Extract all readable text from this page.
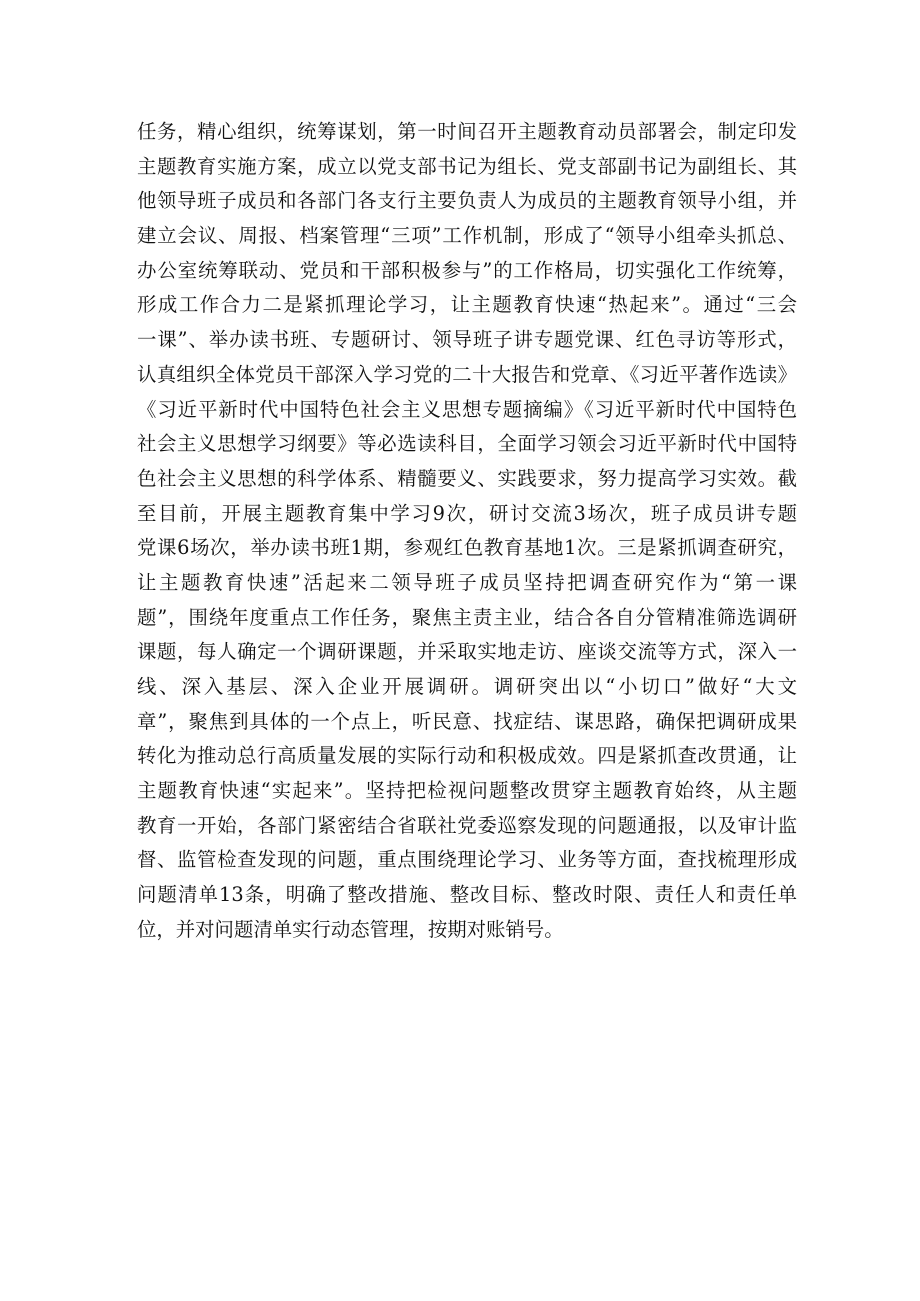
任务，精心组织，统筹谋划，第一时间召开主题教育动员部署会，制定印发
主题教育实施方案，成立以党支部书记为组长、党支部副书记为副组长、其
他领导班子成员和各部门各支行主要负责人为成员的主题教育领导小组，并
建立会议、周报、档案管理“三项”工作机制，形成了“领导小组牵头抓总、
办公室统筹联动、党员和干部积极参与”的工作格局，切实强化工作统筹，
形成工作合力二是紧抓理论学习，让主题教育快速“热起来”。通过“三会
一课”、举办读书班、专题研讨、领导班子讲专题党课、红色寻访等形式，
认真组织全体党员干部深入学习党的二十大报告和党章、《习近平著作选读》
《习近平新时代中国特色社会主义思想专题摘编》《习近平新时代中国特色
社会主义思想学习纲要》等必选读科目，全面学习领会习近平新时代中国特
色社会主义思想的科学体系、精髓要义、实践要求，努力提高学习实效。截
至目前，开展主题教育集中学习9次，研讨交流3场次，班子成员讲专题
党课6场次，举办读书班1期，参观红色教育基地1次。三是紧抓调查研究，
让主题教育快速”活起来二领导班子成员坚持把调查研究作为“第一课
题”，围绕年度重点工作任务，聚焦主责主业，结合各自分管精准筛选调研
课题，每人确定一个调研课题，并采取实地走访、座谈交流等方式，深入一
线、深入基层、深入企业开展调研。调研突出以“小切口”做好“大文
章”，聚焦到具体的一个点上，听民意、找症结、谋思路，确保把调研成果
转化为推动总行高质量发展的实际行动和积极成效。四是紧抓查改贯通，让
主题教育快速“实起来”。坚持把检视问题整改贯穿主题教育始终，从主题
教育一开始，各部门紧密结合省联社党委巡察发现的问题通报，以及审计监
督、监管检查发现的问题，重点围绕理论学习、业务等方面，查找梳理形成
问题清单13条，明确了整改措施、整改目标、整改时限、责任人和责任单
位，并对问题清单实行动态管理，按期对账销号。
